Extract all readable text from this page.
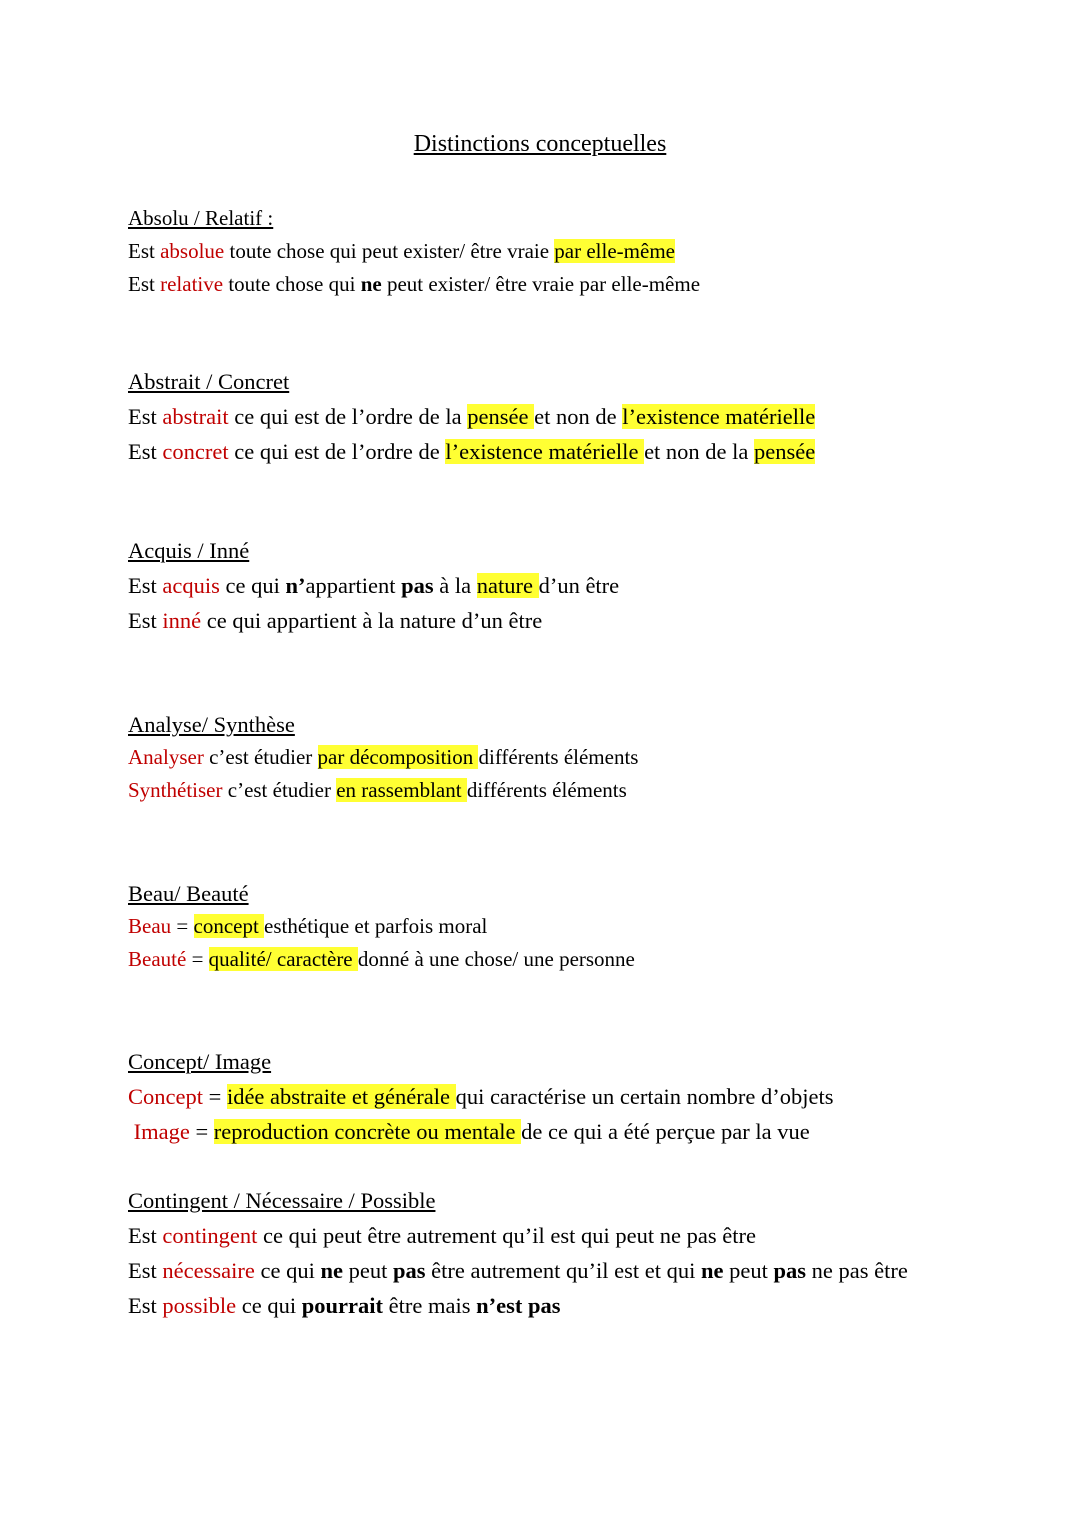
Distinctions conceptuelles
Absolu / Relatif :
Est absolue toute chose qui peut exister/ être vraie par elle-même
Est relative toute chose qui ne peut exister/ être vraie par elle-même
Abstrait / Concret
Est abstrait ce qui est de l’ordre de la pensée et non de l’existence matérielle
Est concret ce qui est de l’ordre de l’existence matérielle et non de la pensée
Acquis / Inné
Est acquis ce qui n’appartient pas à la nature d’un être
Est inné ce qui appartient à la nature d’un être
Analyse/ Synthèse
Analyser c’est étudier par décomposition différents éléments
Synthétiser c’est étudier en rassemblant différents éléments
Beau/ Beauté
Beau = concept esthétique et parfois moral
Beauté = qualité/ caractère donné à une chose/ une personne
Concept/ Image
Concept = idée abstraite et générale qui caractérise un certain nombre d’objets
Image = reproduction concrète ou mentale de ce qui a été perçue par la vue
Contingent / Nécessaire / Possible
Est contingent ce qui peut être autrement qu’il est qui peut ne pas être
Est nécessaire ce qui ne peut pas être autrement qu’il est et qui ne peut pas ne pas être
Est possible ce qui pourrait être mais n’est pas
